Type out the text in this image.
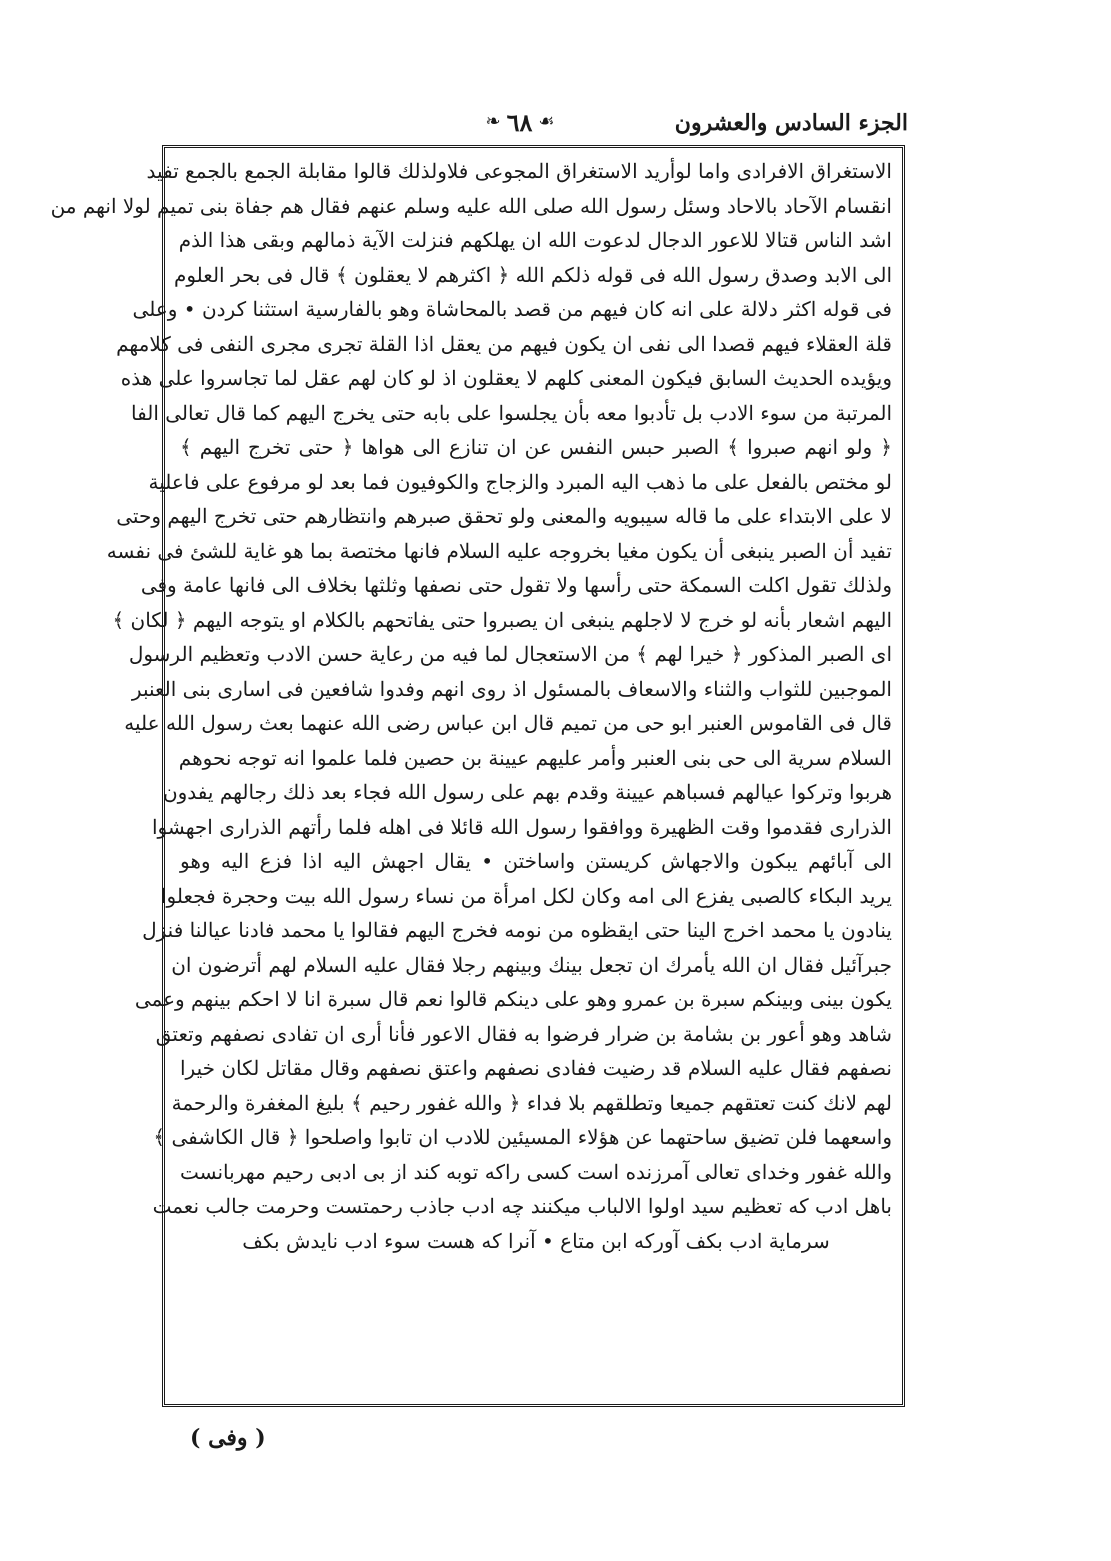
الجزء السادس والعشرون
❧ ٦٨ ☙
الاستغراق الافرادى واما لوأريد الاستغراق المجوعى فلاولذلك قالوا مقابلة الجمع بالجمع تفيد
انقسام الآحاد بالاحاد وسئل رسول الله صلى الله عليه وسلم عنهم فقال هم جفاة بنى تميم لولا انهم من
اشد الناس قتالا للاعور الدجال لدعوت الله ان يهلكهم فنزلت الآية ذمالهم وبقى هذا الذم
الى الابد وصدق رسول الله فى قوله ذلكم الله ﴿ اكثرهم لا يعقلون ﴾ قال فى بحر العلوم
فى قوله اكثر دلالة على انه كان فيهم من قصد بالمحاشاة وهو بالفارسية استثنا كردن • وعلى
قلة العقلاء فيهم قصدا الى نفى ان يكون فيهم من يعقل اذا القلة تجرى مجرى النفى فى كلامهم
ويؤيده الحديث السابق فيكون المعنى كلهم لا يعقلون اذ لو كان لهم عقل لما تجاسروا على هذه
المرتبة من سوء الادب بل تأدبوا معه بأن يجلسوا على بابه حتى يخرج اليهم كما قال تعالى الفا
﴿ ولو انهم صبروا ﴾ الصبر حبس النفس عن ان تنازع الى هواها ﴿ حتى تخرج اليهم ﴾
لو مختص بالفعل على ما ذهب اليه المبرد والزجاج والكوفيون فما بعد لو مرفوع على فاعلية
لا على الابتداء على ما قاله سيبويه والمعنى ولو تحقق صبرهم وانتظارهم حتى تخرج اليهم وحتى
تفيد أن الصبر ينبغى أن يكون مغيا بخروجه عليه السلام فانها مختصة بما هو غاية للشئ فى نفسه
ولذلك تقول اكلت السمكة حتى رأسها ولا تقول حتى نصفها وثلثها بخلاف الى فانها عامة وفى
اليهم اشعار بأنه لو خرج لا لاجلهم ينبغى ان يصبروا حتى يفاتحهم بالكلام او يتوجه اليهم ﴿ لكان ﴾
اى الصبر المذكور ﴿ خيرا لهم ﴾ من الاستعجال لما فيه من رعاية حسن الادب وتعظيم الرسول
الموجبين للثواب والثناء والاسعاف بالمسئول اذ روى انهم وفدوا شافعين فى اسارى بنى العنبر
قال فى القاموس العنبر ابو حى من تميم قال ابن عباس رضى الله عنهما بعث رسول الله عليه
السلام سرية الى حى بنى العنبر وأمر عليهم عيينة بن حصين فلما علموا انه توجه نحوهم
هربوا وتركوا عيالهم فسباهم عيينة وقدم بهم على رسول الله فجاء بعد ذلك رجالهم يفدون
الذرارى فقدموا وقت الظهيرة ووافقوا رسول الله قائلا فى اهله فلما رأتهم الذرارى اجهشوا
الى آبائهم يبكون والاجهاش كريستن واساختن • يقال اجهش اليه اذا فزع اليه وهو
يريد البكاء كالصبى يفزع الى امه وكان لكل امرأة من نساء رسول الله بيت وحجرة فجعلوا
ينادون يا محمد اخرج الينا حتى ايقظوه من نومه فخرج اليهم فقالوا يا محمد فادنا عيالنا فنزل
جبرآئيل فقال ان الله يأمرك ان تجعل بينك وبينهم رجلا فقال عليه السلام لهم أترضون ان
يكون بينى وبينكم سبرة بن عمرو وهو على دينكم قالوا نعم قال سبرة انا لا احكم بينهم وعمى
شاهد وهو أعور بن بشامة بن ضرار فرضوا به فقال الاعور فأنا أرى ان تفادى نصفهم وتعتق
نصفهم فقال عليه السلام قد رضيت ففادى نصفهم واعتق نصفهم وقال مقاتل لكان خيرا
لهم لانك كنت تعتقهم جميعا وتطلقهم بلا فداء ﴿ والله غفور رحيم ﴾ بليغ المغفرة والرحمة
واسعهما فلن تضيق ساحتهما عن هؤلاء المسيئين للادب ان تابوا واصلحوا ﴿ قال الكاشفى ﴾
والله غفور وخداى تعالى آمرزنده است كسى راكه توبه كند از بى ادبى رحيم مهربانست
باهل ادب كه تعظيم سيد اولوا الالباب ميكنند چه ادب جاذب رحمتست وحرمت جالب نعمت
سرماية ادب بكف آوركه ابن متاع • آنرا كه هست سوء ادب نايدش بكف
( وفى )
